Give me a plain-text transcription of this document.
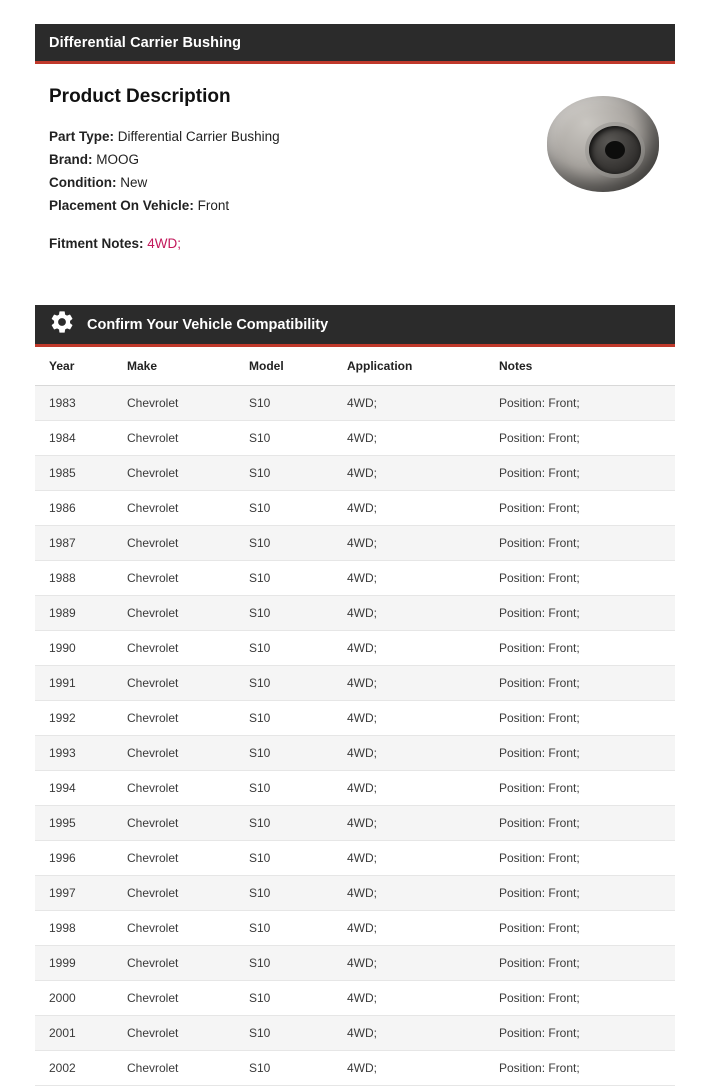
Differential Carrier Bushing
Product Description
Part Type: Differential Carrier Bushing
Brand: MOOG
Condition: New
Placement On Vehicle: Front
Fitment Notes: 4WD;
Confirm Your Vehicle Compatibility
Year	Make	Model	Application	Notes
1983	Chevrolet	S10	4WD;	Position: Front;
1984	Chevrolet	S10	4WD;	Position: Front;
1985	Chevrolet	S10	4WD;	Position: Front;
1986	Chevrolet	S10	4WD;	Position: Front;
1987	Chevrolet	S10	4WD;	Position: Front;
1988	Chevrolet	S10	4WD;	Position: Front;
1989	Chevrolet	S10	4WD;	Position: Front;
1990	Chevrolet	S10	4WD;	Position: Front;
1991	Chevrolet	S10	4WD;	Position: Front;
1992	Chevrolet	S10	4WD;	Position: Front;
1993	Chevrolet	S10	4WD;	Position: Front;
1994	Chevrolet	S10	4WD;	Position: Front;
1995	Chevrolet	S10	4WD;	Position: Front;
1996	Chevrolet	S10	4WD;	Position: Front;
1997	Chevrolet	S10	4WD;	Position: Front;
1998	Chevrolet	S10	4WD;	Position: Front;
1999	Chevrolet	S10	4WD;	Position: Front;
2000	Chevrolet	S10	4WD;	Position: Front;
2001	Chevrolet	S10	4WD;	Position: Front;
2002	Chevrolet	S10	4WD;	Position: Front;
